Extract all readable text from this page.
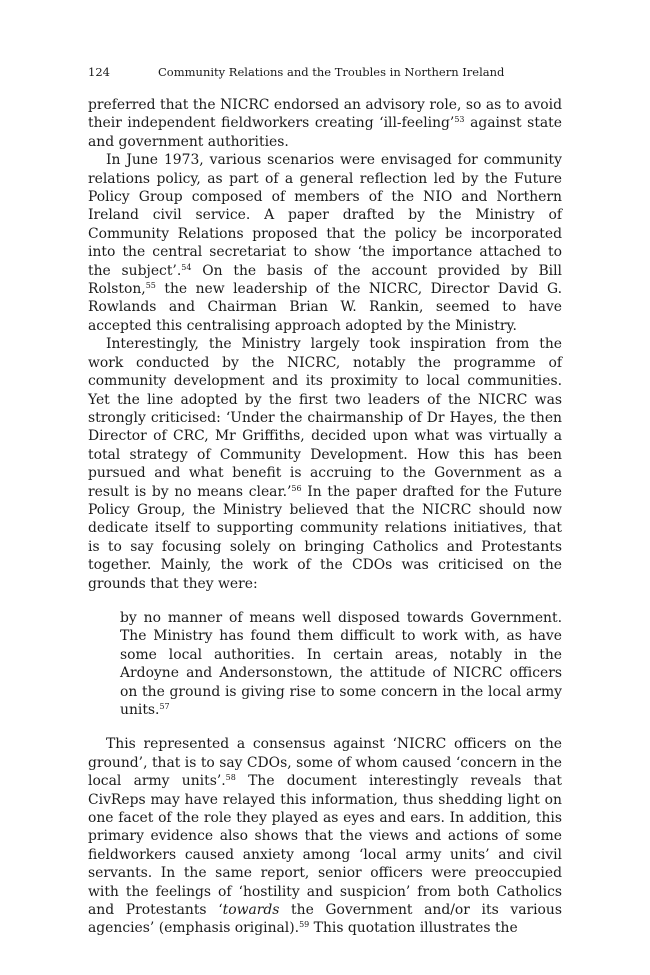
124	Community Relations and the Troubles in Northern Ireland

preferred that the NICRC endorsed an advisory role, so as to avoid their independent fieldworkers creating ‘ill-feeling’$^{53}$ against state and government authorities.

In June 1973, various scenarios were envisaged for community relations policy, as part of a general reflection led by the Future Policy Group composed of members of the NIO and Northern Ireland civil service. A paper drafted by the Ministry of Community Relations proposed that the policy be incorporated into the central secretariat to show ‘the importance attached to the subject’.$^{54}$ On the basis of the account provided by Bill Rolston,$^{55}$ the new leadership of the NICRC, Director David G. Rowlands and Chairman Brian W. Rankin, seemed to have accepted this centralising approach adopted by the Ministry.

Interestingly, the Ministry largely took inspiration from the work conducted by the NICRC, notably the programme of community development and its proximity to local communities. Yet the line adopted by the first two leaders of the NICRC was strongly criticised: ‘Under the chairmanship of Dr Hayes, the then Director of CRC, Mr Griffiths, decided upon what was virtually a total strategy of Community Development. How this has been pursued and what benefit is accruing to the Government as a result is by no means clear.’$^{56}$ In the paper drafted for the Future Policy Group, the Ministry believed that the NICRC should now dedicate itself to supporting community relations initiatives, that is to say focusing solely on bringing Catholics and Protestants together. Mainly, the work of the CDOs was criticised on the grounds that they were:

by no manner of means well disposed towards Government. The Ministry has found them difficult to work with, as have some local authorities. In certain areas, notably in the Ardoyne and Andersonstown, the attitude of NICRC officers on the ground is giving rise to some concern in the local army units.$^{57}$

This represented a consensus against ‘NICRC officers on the ground’, that is to say CDOs, some of whom caused ‘concern in the local army units’.$^{58}$ The document interestingly reveals that CivReps may have relayed this information, thus shedding light on one facet of the role they played as eyes and ears. In addition, this primary evidence also shows that the views and actions of some fieldworkers caused anxiety among ‘local army units’ and civil servants. In the same report, senior officers were preoccupied with the feelings of ‘hostility and suspicion’ from both Catholics and Protestants ‘towards the Government and/or its various agencies’ (emphasis original).$^{59}$ This quotation illustrates the
